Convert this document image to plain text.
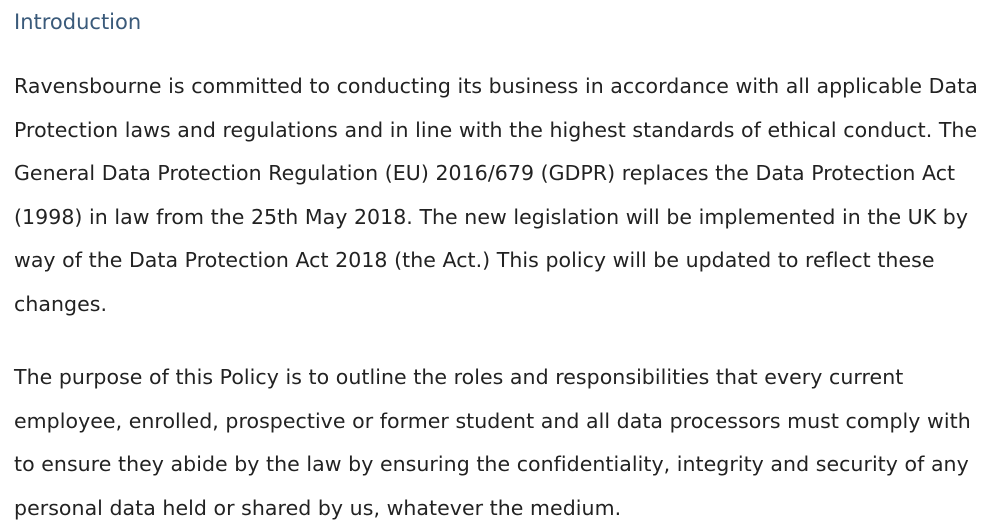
Introduction

Ravensbourne is committed to conducting its business in accordance with all applicable Data Protection laws and regulations and in line with the highest standards of ethical conduct. The General Data Protection Regulation (EU) 2016/679 (GDPR) replaces the Data Protection Act (1998) in law from the 25th May 2018. The new legislation will be implemented in the UK by way of the Data Protection Act 2018 (the Act.) This policy will be updated to reflect these changes.

The purpose of this Policy is to outline the roles and responsibilities that every current employee, enrolled, prospective or former student and all data processors must comply with to ensure they abide by the law by ensuring the confidentiality, integrity and security of any personal data held or shared by us, whatever the medium.
